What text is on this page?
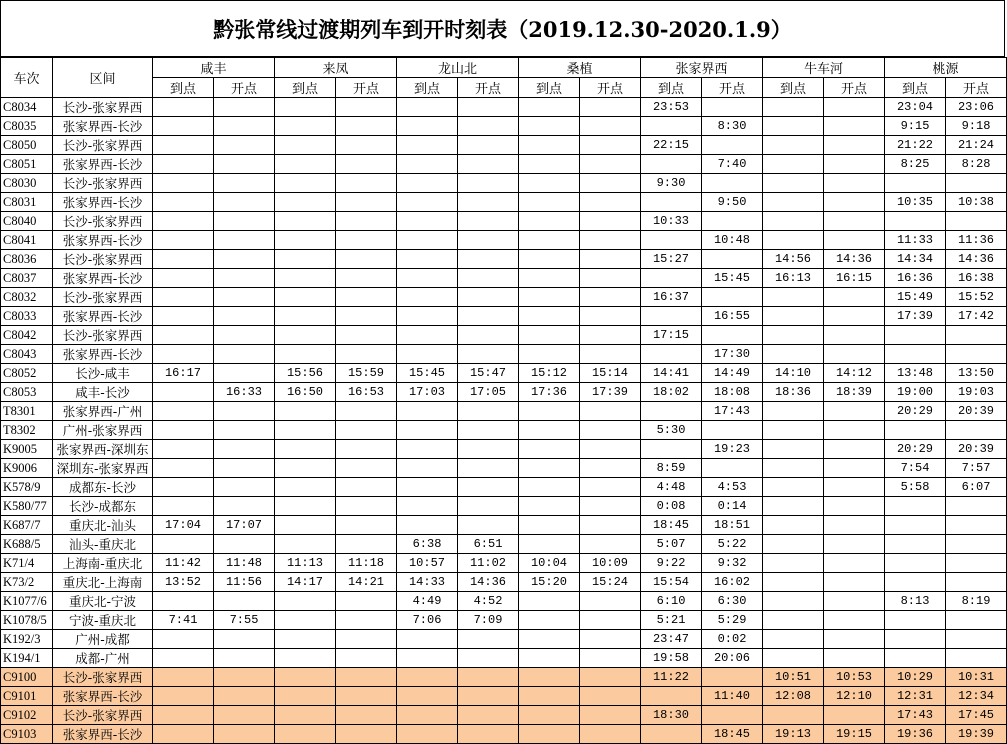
黔张常线过渡期列车到开时刻表（2019.12.30-2020.1.9）
车次	区间	咸丰		来凤		龙山北		桑植		张家界西		牛车河		桃源	
		到点	开点	到点	开点	到点	开点	到点	开点	到点	开点	到点	开点	到点	开点
C8034	长沙-张家界西									23:53				23:04	23:06
C8035	张家界西-长沙										8:30			9:15	9:18
C8050	长沙-张家界西									22:15				21:22	21:24
C8051	张家界西-长沙										7:40			8:25	8:28
C8030	长沙-张家界西									9:30					
C8031	张家界西-长沙										9:50			10:35	10:38
C8040	长沙-张家界西									10:33					
C8041	张家界西-长沙										10:48			11:33	11:36
C8036	长沙-张家界西									15:27		14:56	14:36	14:34	14:36
C8037	张家界西-长沙										15:45	16:13	16:15	16:36	16:38
C8032	长沙-张家界西									16:37				15:49	15:52
C8033	张家界西-长沙										16:55			17:39	17:42
C8042	长沙-张家界西									17:15					
C8043	张家界西-长沙										17:30				
C8052	长沙-咸丰	16:17		15:56	15:59	15:45	15:47	15:12	15:14	14:41	14:49	14:10	14:12	13:48	13:50
C8053	咸丰-长沙		16:33	16:50	16:53	17:03	17:05	17:36	17:39	18:02	18:08	18:36	18:39	19:00	19:03
T8301	张家界西-广州										17:43			20:29	20:39
T8302	广州-张家界西									5:30					
K9005	张家界西-深圳东										19:23			20:29	20:39
K9006	深圳东-张家界西									8:59				7:54	7:57
K578/9	成都东-长沙									4:48	4:53			5:58	6:07
K580/77	长沙-成都东									0:08	0:14				
K687/7	重庆北-汕头	17:04	17:07							18:45	18:51				
K688/5	汕头-重庆北					6:38	6:51			5:07	5:22				
K71/4	上海南-重庆北	11:42	11:48	11:13	11:18	10:57	11:02	10:04	10:09	9:22	9:32				
K73/2	重庆北-上海南	13:52	11:56	14:17	14:21	14:33	14:36	15:20	15:24	15:54	16:02				
K1077/6	重庆北-宁波					4:49	4:52			6:10	6:30			8:13	8:19
K1078/5	宁波-重庆北	7:41	7:55			7:06	7:09			5:21	5:29				
K192/3	广州-成都									23:47	0:02				
K194/1	成都-广州									19:58	20:06				
C9100	长沙-张家界西									11:22		10:51	10:53	10:29	10:31
C9101	张家界西-长沙										11:40	12:08	12:10	12:31	12:34
C9102	长沙-张家界西									18:30				17:43	17:45
C9103	张家界西-长沙										18:45	19:13	19:15	19:36	19:39
